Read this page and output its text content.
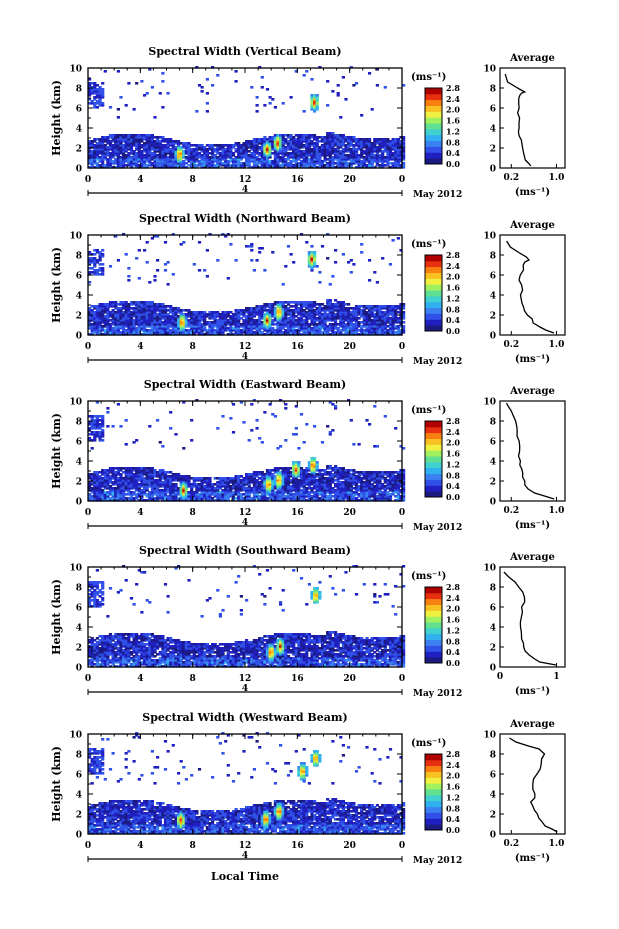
Spectral Width (Vertical Beam)
0
2
4
6
8
10
Height (km)
0	4	8	12	16	20	0
4	May 2012
(ms⁻¹)
0.0
0.4
0.8
1.2
1.6
2.0
2.4
2.8
Average
0
2
4
6
8
10
0.2	1.0
(ms⁻¹)
Spectral Width (Northward Beam)
0
2
4
6
8
10
Height (km)
0	4	8	12	16	20	0
4	May 2012
(ms⁻¹)
0.0
0.4
0.8
1.2
1.6
2.0
2.4
2.8
Average
0
2
4
6
8
10
0.2	1.0
(ms⁻¹)
Spectral Width (Eastward Beam)
0
2
4
6
8
10
Height (km)
0	4	8	12	16	20	0
4	May 2012
(ms⁻¹)
0.0
0.4
0.8
1.2
1.6
2.0
2.4
2.8
Average
0
2
4
6
8
10
0.2	1.0
(ms⁻¹)
Spectral Width (Southward Beam)
0
2
4
6
8
10
Height (km)
0	4	8	12	16	20	0
4	May 2012
(ms⁻¹)
0.0
0.4
0.8
1.2
1.6
2.0
2.4
2.8
Average
0
2
4
6
8
10
0	1
(ms⁻¹)
Spectral Width (Westward Beam)
0
2
4
6
8
10
Height (km)
0	4	8	12	16	20	0
4	May 2012
(ms⁻¹)
0.0
0.4
0.8
1.2
1.6
2.0
2.4
2.8
Average
0
2
4
6
8
10
0.2	1.0
(ms⁻¹)
Local Time
